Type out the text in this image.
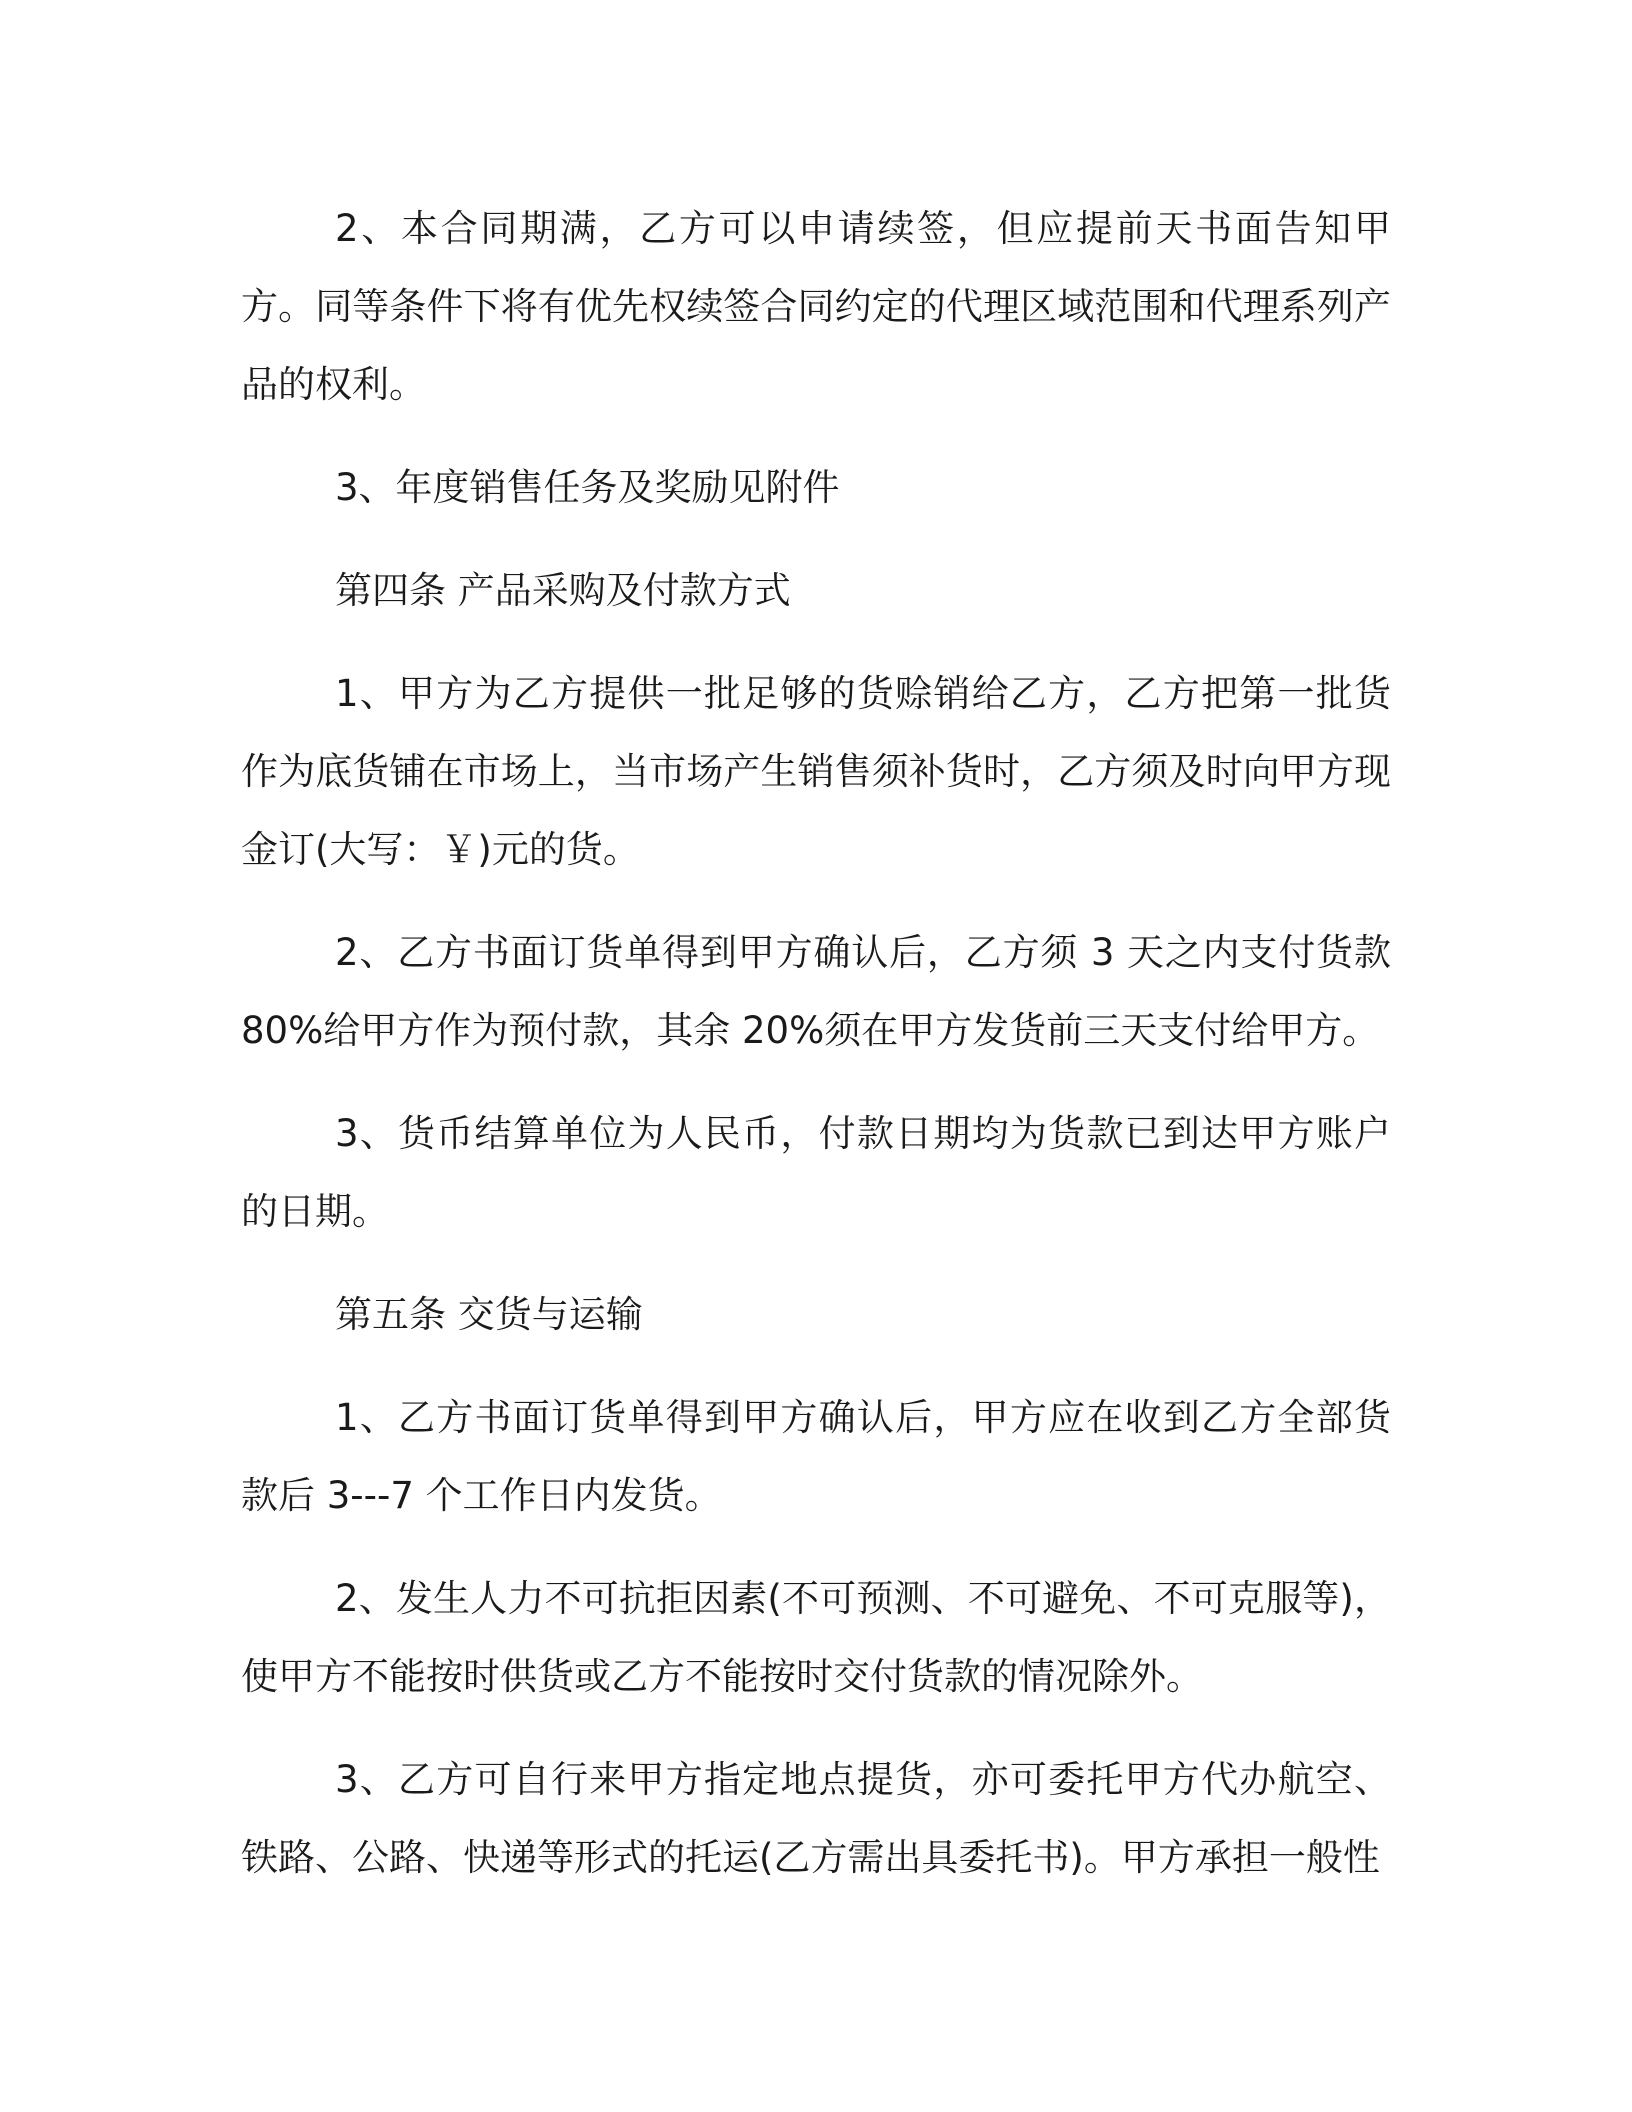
2、本合同期满，乙方可以申请续签，但应提前天书面告知甲方。同等条件下将有优先权续签合同约定的代理区域范围和代理系列产品的权利。

3、年度销售任务及奖励见附件

第四条 产品采购及付款方式

1、甲方为乙方提供一批足够的货赊销给乙方，乙方把第一批货作为底货铺在市场上，当市场产生销售须补货时，乙方须及时向甲方现金订(大写：￥)元的货。

2、乙方书面订货单得到甲方确认后，乙方须 3 天之内支付货款 80%给甲方作为预付款，其余 20%须在甲方发货前三天支付给甲方。

3、货币结算单位为人民币，付款日期均为货款已到达甲方账户的日期。

第五条 交货与运输

1、乙方书面订货单得到甲方确认后，甲方应在收到乙方全部货款后 3---7 个工作日内发货。

2、发生人力不可抗拒因素(不可预测、不可避免、不可克服等)，使甲方不能按时供货或乙方不能按时交付货款的情况除外。

3、乙方可自行来甲方指定地点提货，亦可委托甲方代办航空、铁路、公路、快递等形式的托运(乙方需出具委托书)。甲方承担一般性
